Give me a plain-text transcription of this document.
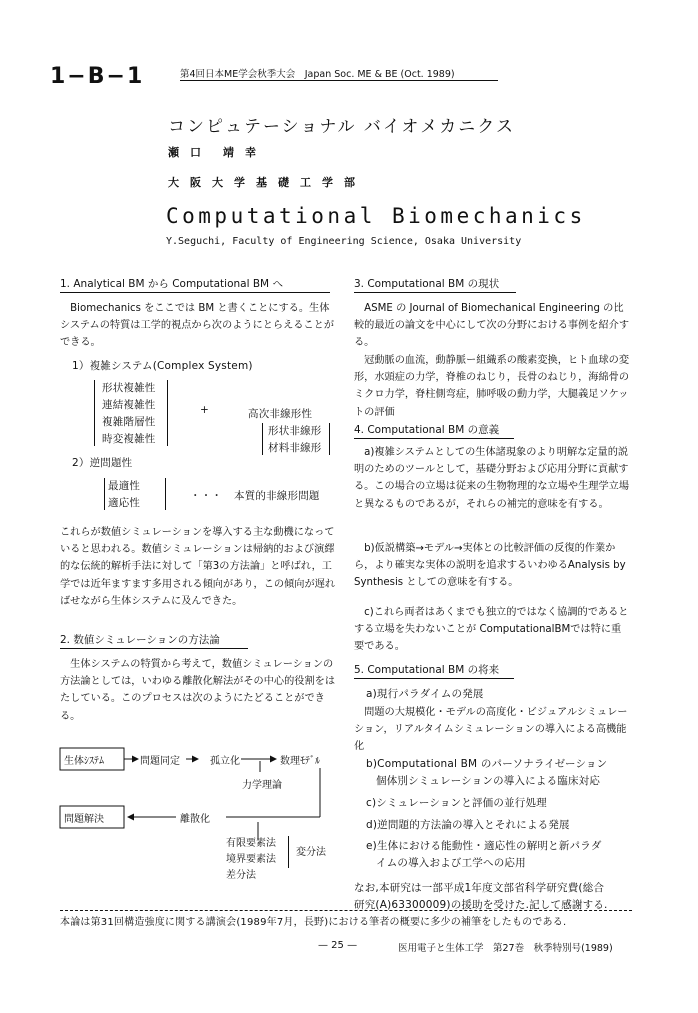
1−B−1	第4回日本ME学会秋季大会　Japan Soc. ME & BE (Oct. 1989)
コンピュテーショナル バイオメカニクス
瀬　口　　靖　幸
大　阪　大　学　基　礎　工　学　部
Computational Biomechanics
Y.Seguchi, Faculty of Engineering Science, Osaka University
1. Analytical BM から Computational BM へ
　Biomechanics をここでは BM と書くことにする。生体システムの特質は工学的視点から次のようにとらえることができる。
1）複雑システム(Complex System)
形状複雑性
連結複雑性
複雑階層性
時変複雑性
+	高次非線形性
形状非線形
材料非線形
2）逆問題性
最適性
適応性
・・・ 本質的非線形問題
これらが数値シミュレーションを導入する主な動機になっていると思われる。数値シミュレーションは帰納的および演繹的な伝統的解析手法に対して「第3の方法論」と呼ばれ，工学では近年ますます多用される傾向があり，この傾向が遅ればせながら生体システムに及んできた。
2. 数値シミュレーションの方法論
　生体システムの特質から考えて，数値シミュレーションの方法論としては，いわゆる離散化解法がその中心的役割をはたしている。このプロセスは次のようにたどることができる。
生体ｼｽﾃﾑ	問題同定	孤立化	数理ﾓﾃﾞﾙ
力学理論
問題解決	離散化
有限要素法
境界要素法
差分法
変分法
3. Computational BM の現状
　ASME の Journal of Biomechanical Engineering の比較的最近の論文を中心にして次の分野における事例を紹介する。
　冠動脈の血流，動静脈ー組織系の酸素変換，ヒト血球の変形，水頭症の力学，脊椎のねじり，長骨のねじり，海綿骨のミクロ力学，脊柱側弯症，肺呼吸の動力学，大腿義足ソケットの評価
4. Computational BM の意義
　a)複雑システムとしての生体諸現象のより明解な定量的説明のためのツールとして，基礎分野および応用分野に貢献する。この場合の立場は従来の生物物理的な立場や生理学立場と異なるものであるが，それらの補完的意味を有する。
　b)仮説構築→モデル→実体との比較評価の反復的作業から，より確実な実体の説明を追求するいわゆるAnalysis by Synthesis としての意味を有する。
　c)これら両者はあくまでも独立的ではなく協調的であるとする立場を失わないことが ComputationalBMでは特に重要である。
5. Computational BM の将来
a)現行パラダイムの発展
　問題の大規模化・モデルの高度化・ビジュアルシミュレーション，リアルタイムシミュレーションの導入による高機能化
b)Computational BM のパーソナライゼーション
個体別シミュレーションの導入による臨床対応
c)シミュレーションと評価の並行処理
d)逆問題的方法論の導入とそれによる発展
e)生体における能動性・適応性の解明と新パラダ
イムの導入および工学への応用
なお,本研究は一部平成1年度文部省科学研究費(総合
研究(A)63300009)の援助を受けた.記して感謝する.
本論は第31回構造強度に関する講演会(1989年7月，長野)における筆者の概要に多少の補筆をしたものである.
— 25 —	医用電子と生体工学　第27巻　秋季特別号(1989)
